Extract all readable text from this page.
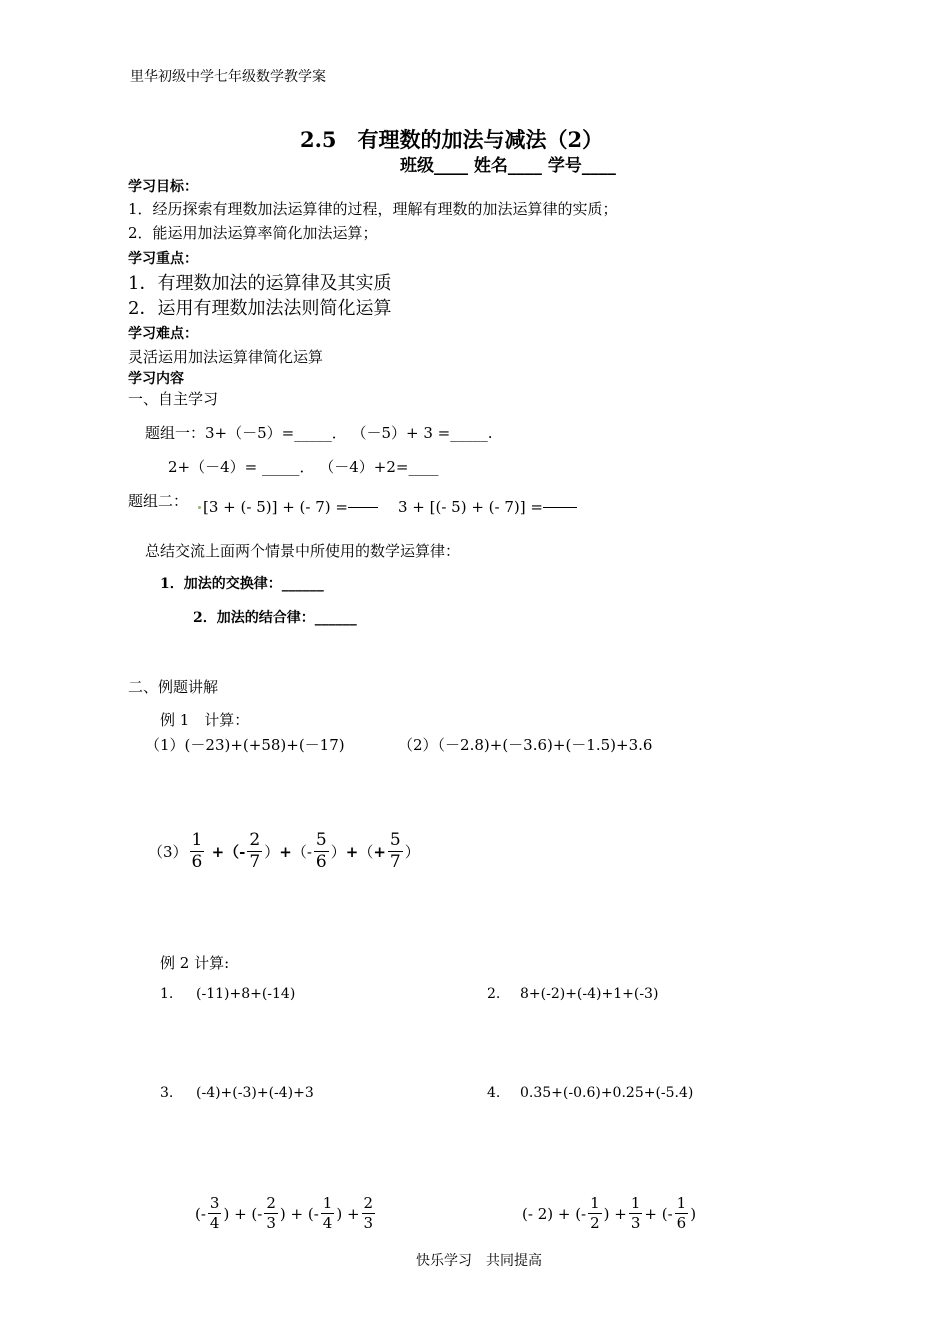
里华初级中学七年级数学教学案
2.5　有理数的加法与减法（2）
班级____ 姓名____ 学号____
学习目标：
1．经历探索有理数加法运算律的过程，理解有理数的加法运算律的实质；
2．能运用加法运算率简化加法运算；
学习重点：
1．有理数加法的运算律及其实质
2．运用有理数加法法则简化运算
学习难点：
灵活运用加法运算律简化运算
学习内容
一、自主学习
题组一：3+（－5）=_____． （－5）+ 3 =_____.
2+（－4）= _____． （－4）+2=____
题组二： [3 + (- 5)] + (- 7) =	3 + [(- 5) + (- 7)] =
总结交流上面两个情景中所使用的数学运算律：
1．加法的交换律：______
2．加法的结合律：______
二、例题讲解
例 1　计算：
（1）(－23)+(+58)+(－17)	（2）（－2.8)+(－3.6)+(－1.5)+3.6
$(3) \frac{1}{6}$ +（- $\frac{2}{7}$ ） + （- $\frac{5}{6}$ ） + （ + $\frac{5}{7}$ ）
例 2 计算:
1. (-11)+8+(-14)	2. 8+(-2)+(-4)+1+(-3)
3. (-4)+(-3)+(-4)+3	4. 0.35+(-0.6)+0.25+(-5.4)
(- $\frac{3}{4}$ ) + (- $\frac{2}{3}$ ) + (- $\frac{1}{4}$ ) + $\frac{2}{3}$	(- 2) + (- $\frac{1}{2}$ ) + $\frac{1}{3}$ + (- $\frac{1}{6}$ )
快乐学习　共同提高
